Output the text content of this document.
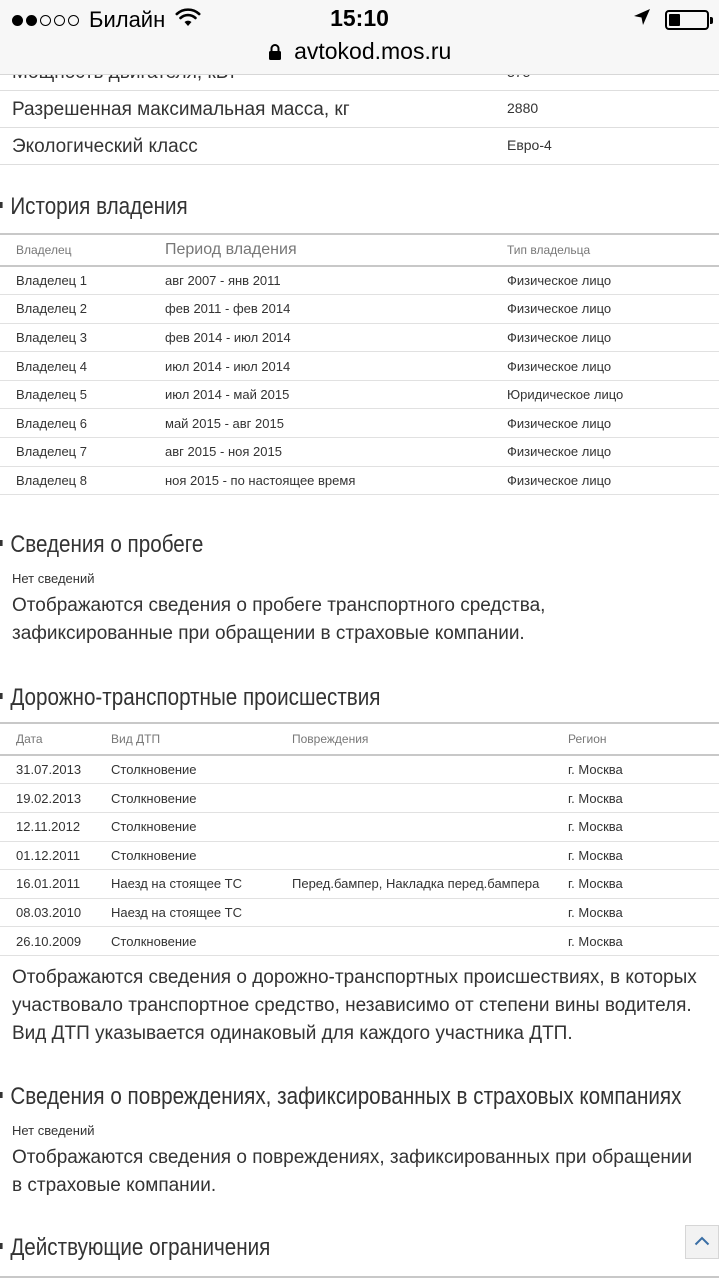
Билайн	15:10
avtokod.mos.ru
Разрешенная максимальная масса, кг	2880
Экологический класс	Евро-4
История владения
Владелец	Период владения	Тип владельца
Владелец 1	авг 2007 - янв 2011	Физическое лицо
Владелец 2	фев 2011 - фев 2014	Физическое лицо
Владелец 3	фев 2014 - июл 2014	Физическое лицо
Владелец 4	июл 2014 - июл 2014	Физическое лицо
Владелец 5	июл 2014 - май 2015	Юридическое лицо
Владелец 6	май 2015 - авг 2015	Физическое лицо
Владелец 7	авг 2015 - ноя 2015	Физическое лицо
Владелец 8	ноя 2015 - по настоящее время	Физическое лицо
Сведения о пробеге
Нет сведений
Отображаются сведения о пробеге транспортного средства, зафиксированные при обращении в страховые компании.
Дорожно-транспортные происшествия
Дата	Вид ДТП	Повреждения	Регион
31.07.2013	Столкновение		г. Москва
19.02.2013	Столкновение		г. Москва
12.11.2012	Столкновение		г. Москва
01.12.2011	Столкновение		г. Москва
16.01.2011	Наезд на стоящее ТС	Перед.бампер, Накладка перед.бампера	г. Москва
08.03.2010	Наезд на стоящее ТС		г. Москва
26.10.2009	Столкновение		г. Москва
Отображаются сведения о дорожно-транспортных происшествиях, в которых участвовало транспортное средство, независимо от степени вины водителя. Вид ДТП указывается одинаковый для каждого участника ДТП.
Сведения о повреждениях, зафиксированных в страховых компаниях
Нет сведений
Отображаются сведения о повреждениях, зафиксированных при обращении в страховые компании.
Действующие ограничения
